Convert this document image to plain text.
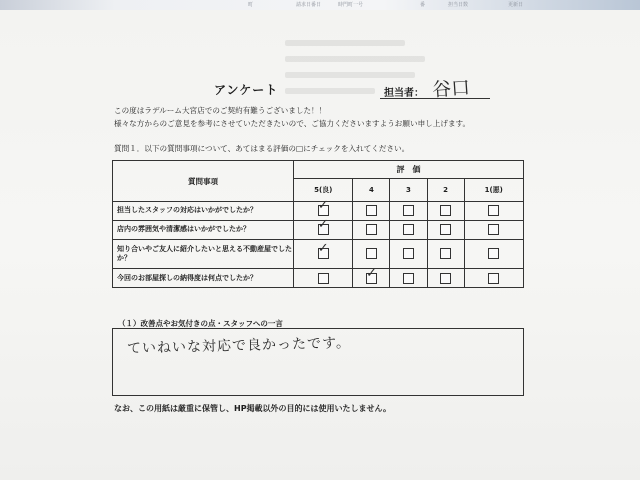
町	請求日番日	時門町一号	番	担当日数	更新日
アンケート	担当者： 谷口
この度はラデルーム大宮店でのご契約有難うございました！！
様々な方からのご意見を参考にさせていただきたいので、ご協力くださいますようお願い申し上げます。
質問１．以下の質問事項について、あてはまる評価の□にチェックを入れてください。
質問事項	評　価				
	5(良)	4	3	2	1(悪)
担当したスタッフの対応はいかがでしたか？	✓				

店内の雰囲気や清潔感はいかがでしたか？	✓				

知り合いやご友人に紹介したいと思える不動産屋でしたか？	✓				

今回のお部屋探しの納得度は何点でしたか？		✓			

（１）改善点やお気付きの点・スタッフへの一言
ていねいな対応で良かったです。
なお、この用紙は厳重に保管し、HP掲載以外の目的には使用いたしません。
